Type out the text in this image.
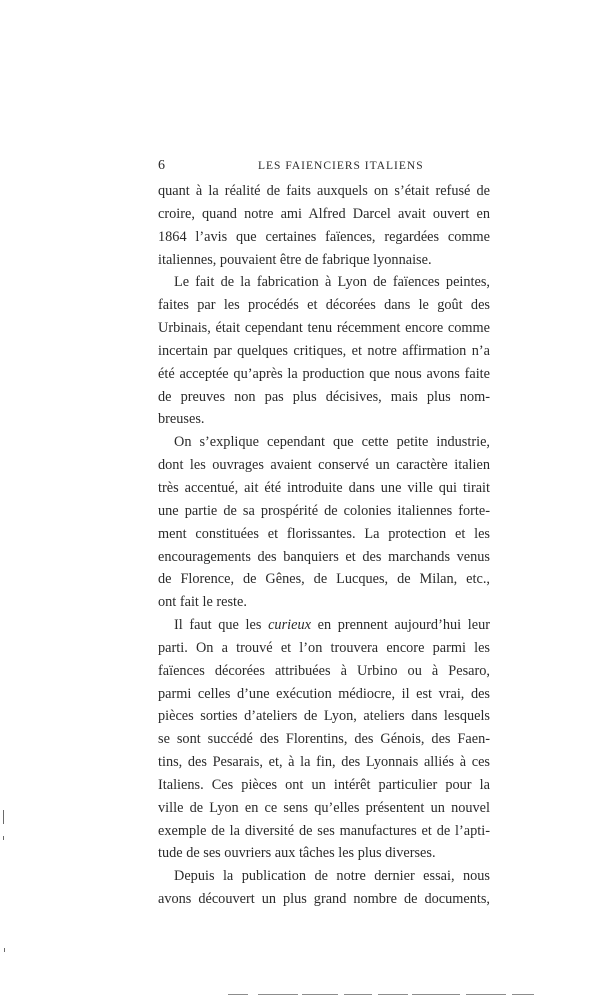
6	LES FAIENCIERS ITALIENS
quant à la réalité de faits auxquels on s’était refusé de
croire, quand notre ami Alfred Darcel avait ouvert en
1864 l’avis que certaines faïences, regardées comme
italiennes, pouvaient être de fabrique lyonnaise.
Le fait de la fabrication à Lyon de faïences peintes,
faites par les procédés et décorées dans le goût des
Urbinais, était cependant tenu récemment encore comme
incertain par quelques critiques, et notre affirmation n’a
été acceptée qu’après la production que nous avons faite
de preuves non pas plus décisives, mais plus nom-
breuses.
On s’explique cependant que cette petite industrie,
dont les ouvrages avaient conservé un caractère italien
très accentué, ait été introduite dans une ville qui tirait
une partie de sa prospérité de colonies italiennes forte-
ment constituées et florissantes. La protection et les
encouragements des banquiers et des marchands venus
de Florence, de Gênes, de Lucques, de Milan, etc.,
ont fait le reste.
Il faut que les curieux en prennent aujourd’hui leur
parti. On a trouvé et l’on trouvera encore parmi les
faïences décorées attribuées à Urbino ou à Pesaro,
parmi celles d’une exécution médiocre, il est vrai, des
pièces sorties d’ateliers de Lyon, ateliers dans lesquels
se sont succédé des Florentins, des Génois, des Faen-
tins, des Pesarais, et, à la fin, des Lyonnais alliés à ces
Italiens. Ces pièces ont un intérêt particulier pour la
ville de Lyon en ce sens qu’elles présentent un nouvel
exemple de la diversité de ses manufactures et de l’apti-
tude de ses ouvriers aux tâches les plus diverses.
Depuis la publication de notre dernier essai, nous
avons découvert un plus grand nombre de documents,
